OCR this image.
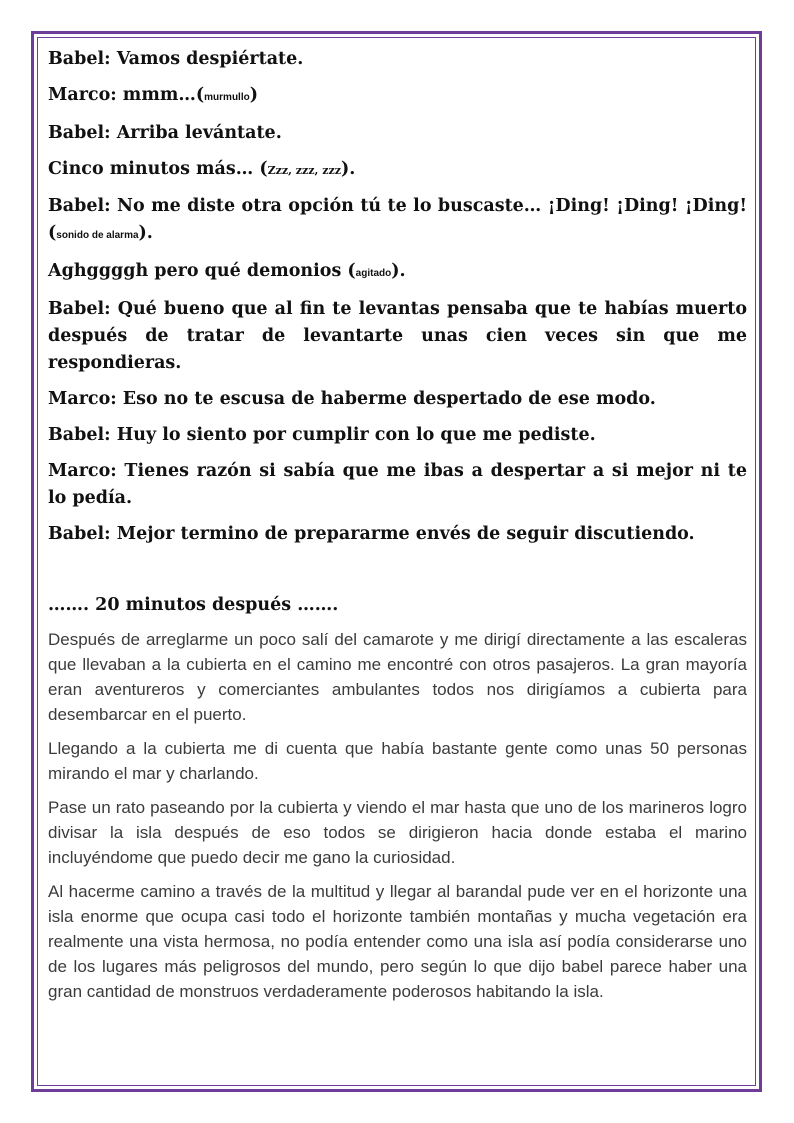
Babel: Vamos despiértate.

Marco: mmm…(murmullo)

Babel: Arriba levántate.

Cinco minutos más… (Zzz, zzz, zzz).

Babel: No me diste otra opción tú te lo buscaste… ¡Ding! ¡Ding! ¡Ding! (sonido de alarma).

Aghggggh pero qué demonios (agitado).

Babel: Qué bueno que al fin te levantas pensaba que te habías muerto después de tratar de levantarte unas cien veces sin que me respondieras.

Marco: Eso no te escusa de haberme despertado de ese modo.

Babel: Huy lo siento por cumplir con lo que me pediste.

Marco: Tienes razón si sabía que me ibas a despertar a si mejor ni te lo pedía.

Babel: Mejor termino de prepararme envés de seguir discutiendo.

……. 20 minutos después …….

Después de arreglarme un poco salí del camarote y me dirigí directamente a las escaleras que llevaban a la cubierta en el camino me encontré con otros pasajeros. La gran mayoría eran aventureros y comerciantes ambulantes todos nos dirigíamos a cubierta para desembarcar en el puerto.

Llegando a la cubierta me di cuenta que había bastante gente como unas 50 personas mirando el mar y charlando.

Pase un rato paseando por la cubierta y viendo el mar hasta que uno de los marineros logro divisar la isla después de eso todos se dirigieron hacia donde estaba el marino incluyéndome que puedo decir me gano la curiosidad.

Al hacerme camino a través de la multitud y llegar al barandal pude ver en el horizonte una isla enorme que ocupa casi todo el horizonte también montañas y mucha vegetación era realmente una vista hermosa, no podía entender como una isla así podía considerarse uno de los lugares más peligrosos del mundo, pero según lo que dijo babel parece haber una gran cantidad de monstruos verdaderamente poderosos habitando la isla.
